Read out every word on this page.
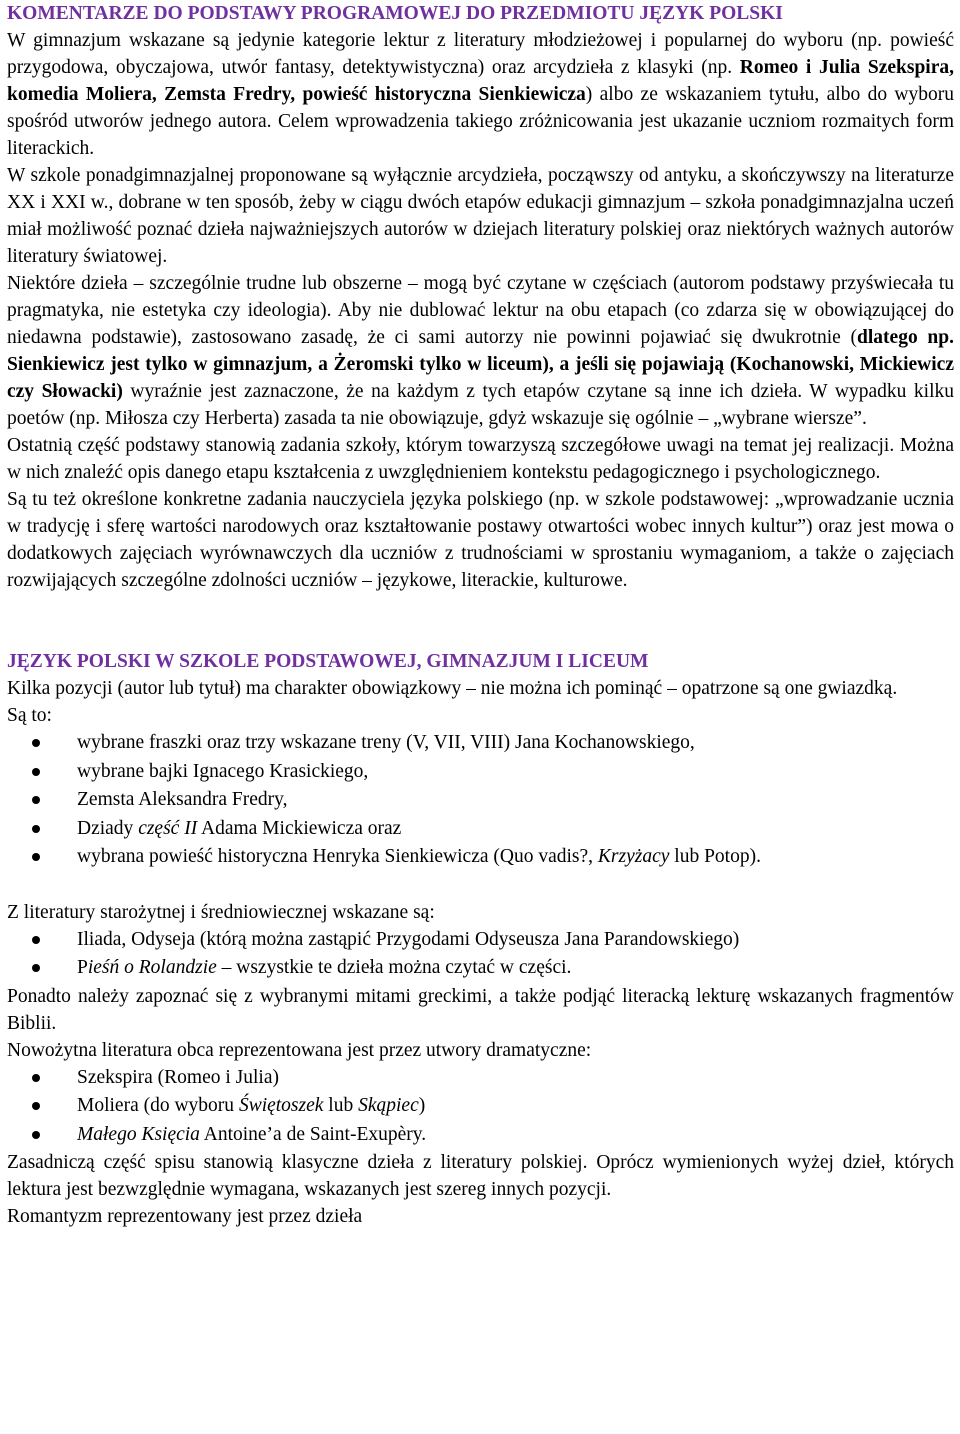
KOMENTARZE DO PODSTAWY PROGRAMOWEJ DO PRZEDMIOTU JĘZYK POLSKI

W gimnazjum wskazane są jedynie kategorie lektur z literatury młodzieżowej i popularnej do wyboru (np. powieść przygodowa, obyczajowa, utwór fantasy, detektywistyczna) oraz arcydzieła z klasyki (np. Romeo i Julia Szekspira, komedia Moliera, Zemsta Fredry, powieść historyczna Sienkiewicza) albo ze wskazaniem tytułu, albo do wyboru spośród utworów jednego autora. Celem wprowadzenia takiego zróżnicowania jest ukazanie uczniom rozmaitych form literackich.

W szkole ponadgimnazjalnej proponowane są wyłącznie arcydzieła, począwszy od antyku, a skończywszy na literaturze XX i XXI w., dobrane w ten sposób, żeby w ciągu dwóch etapów edukacji gimnazjum – szkoła ponadgimnazjalna uczeń miał możliwość poznać dzieła najważniejszych autorów w dziejach literatury polskiej oraz niektórych ważnych autorów literatury światowej.

Niektóre dzieła – szczególnie trudne lub obszerne – mogą być czytane w częściach (autorom podstawy przyświecała tu pragmatyka, nie estetyka czy ideologia). Aby nie dublować lektur na obu etapach (co zdarza się w obowiązującej do niedawna podstawie), zastosowano zasadę, że ci sami autorzy nie powinni pojawiać się dwukrotnie (dlatego np. Sienkiewicz jest tylko w gimnazjum, a Żeromski tylko w liceum), a jeśli się pojawiają (Kochanowski, Mickiewicz czy Słowacki) wyraźnie jest zaznaczone, że na każdym z tych etapów czytane są inne ich dzieła. W wypadku kilku poetów (np. Miłosza czy Herberta) zasada ta nie obowiązuje, gdyż wskazuje się ogólnie – „wybrane wiersze”.

Ostatnią część podstawy stanowią zadania szkoły, którym towarzyszą szczegółowe uwagi na temat jej realizacji. Można w nich znaleźć opis danego etapu kształcenia z uwzględnieniem kontekstu pedagogicznego i psychologicznego.

Są tu też określone konkretne zadania nauczyciela języka polskiego (np. w szkole podstawowej: „wprowadzanie ucznia w tradycję i sferę wartości narodowych oraz kształtowanie postawy otwartości wobec innych kultur”) oraz jest mowa o dodatkowych zajęciach wyrównawczych dla uczniów z trudnościami w sprostaniu wymaganiom, a także o zajęciach rozwijających szczególne zdolności uczniów – językowe, literackie, kulturowe.

JĘZYK POLSKI W SZKOLE PODSTAWOWEJ, GIMNAZJUM I LICEUM

Kilka pozycji (autor lub tytuł) ma charakter obowiązkowy – nie można ich pominąć – opatrzone są one gwiazdką.

Są to:

wybrane fraszki oraz trzy wskazane treny (V, VII, VIII) Jana Kochanowskiego,
wybrane bajki Ignacego Krasickiego,
Zemsta Aleksandra Fredry,
Dziady część II Adama Mickiewicza oraz
wybrana powieść historyczna Henryka Sienkiewicza (Quo vadis?, Krzyżacy lub Potop).

Z literatury starożytnej i średniowiecznej wskazane są:

Iliada, Odyseja (którą można zastąpić Przygodami Odyseusza Jana Parandowskiego)
Pieśń o Rolandzie – wszystkie te dzieła można czytać w części.

Ponadto należy zapoznać się z wybranymi mitami greckimi, a także podjąć literacką lekturę wskazanych fragmentów Biblii.

Nowożytna literatura obca reprezentowana jest przez utwory dramatyczne:

Szekspira (Romeo i Julia)
Moliera (do wyboru Świętoszek lub Skąpiec)
Małego Księcia Antoine’a de Saint-Exupèry.

Zasadniczą część spisu stanowią klasyczne dzieła z literatury polskiej. Oprócz wymienionych wyżej dzieł, których lektura jest bezwzględnie wymagana, wskazanych jest szereg innych pozycji.

Romantyzm reprezentowany jest przez dzieła
